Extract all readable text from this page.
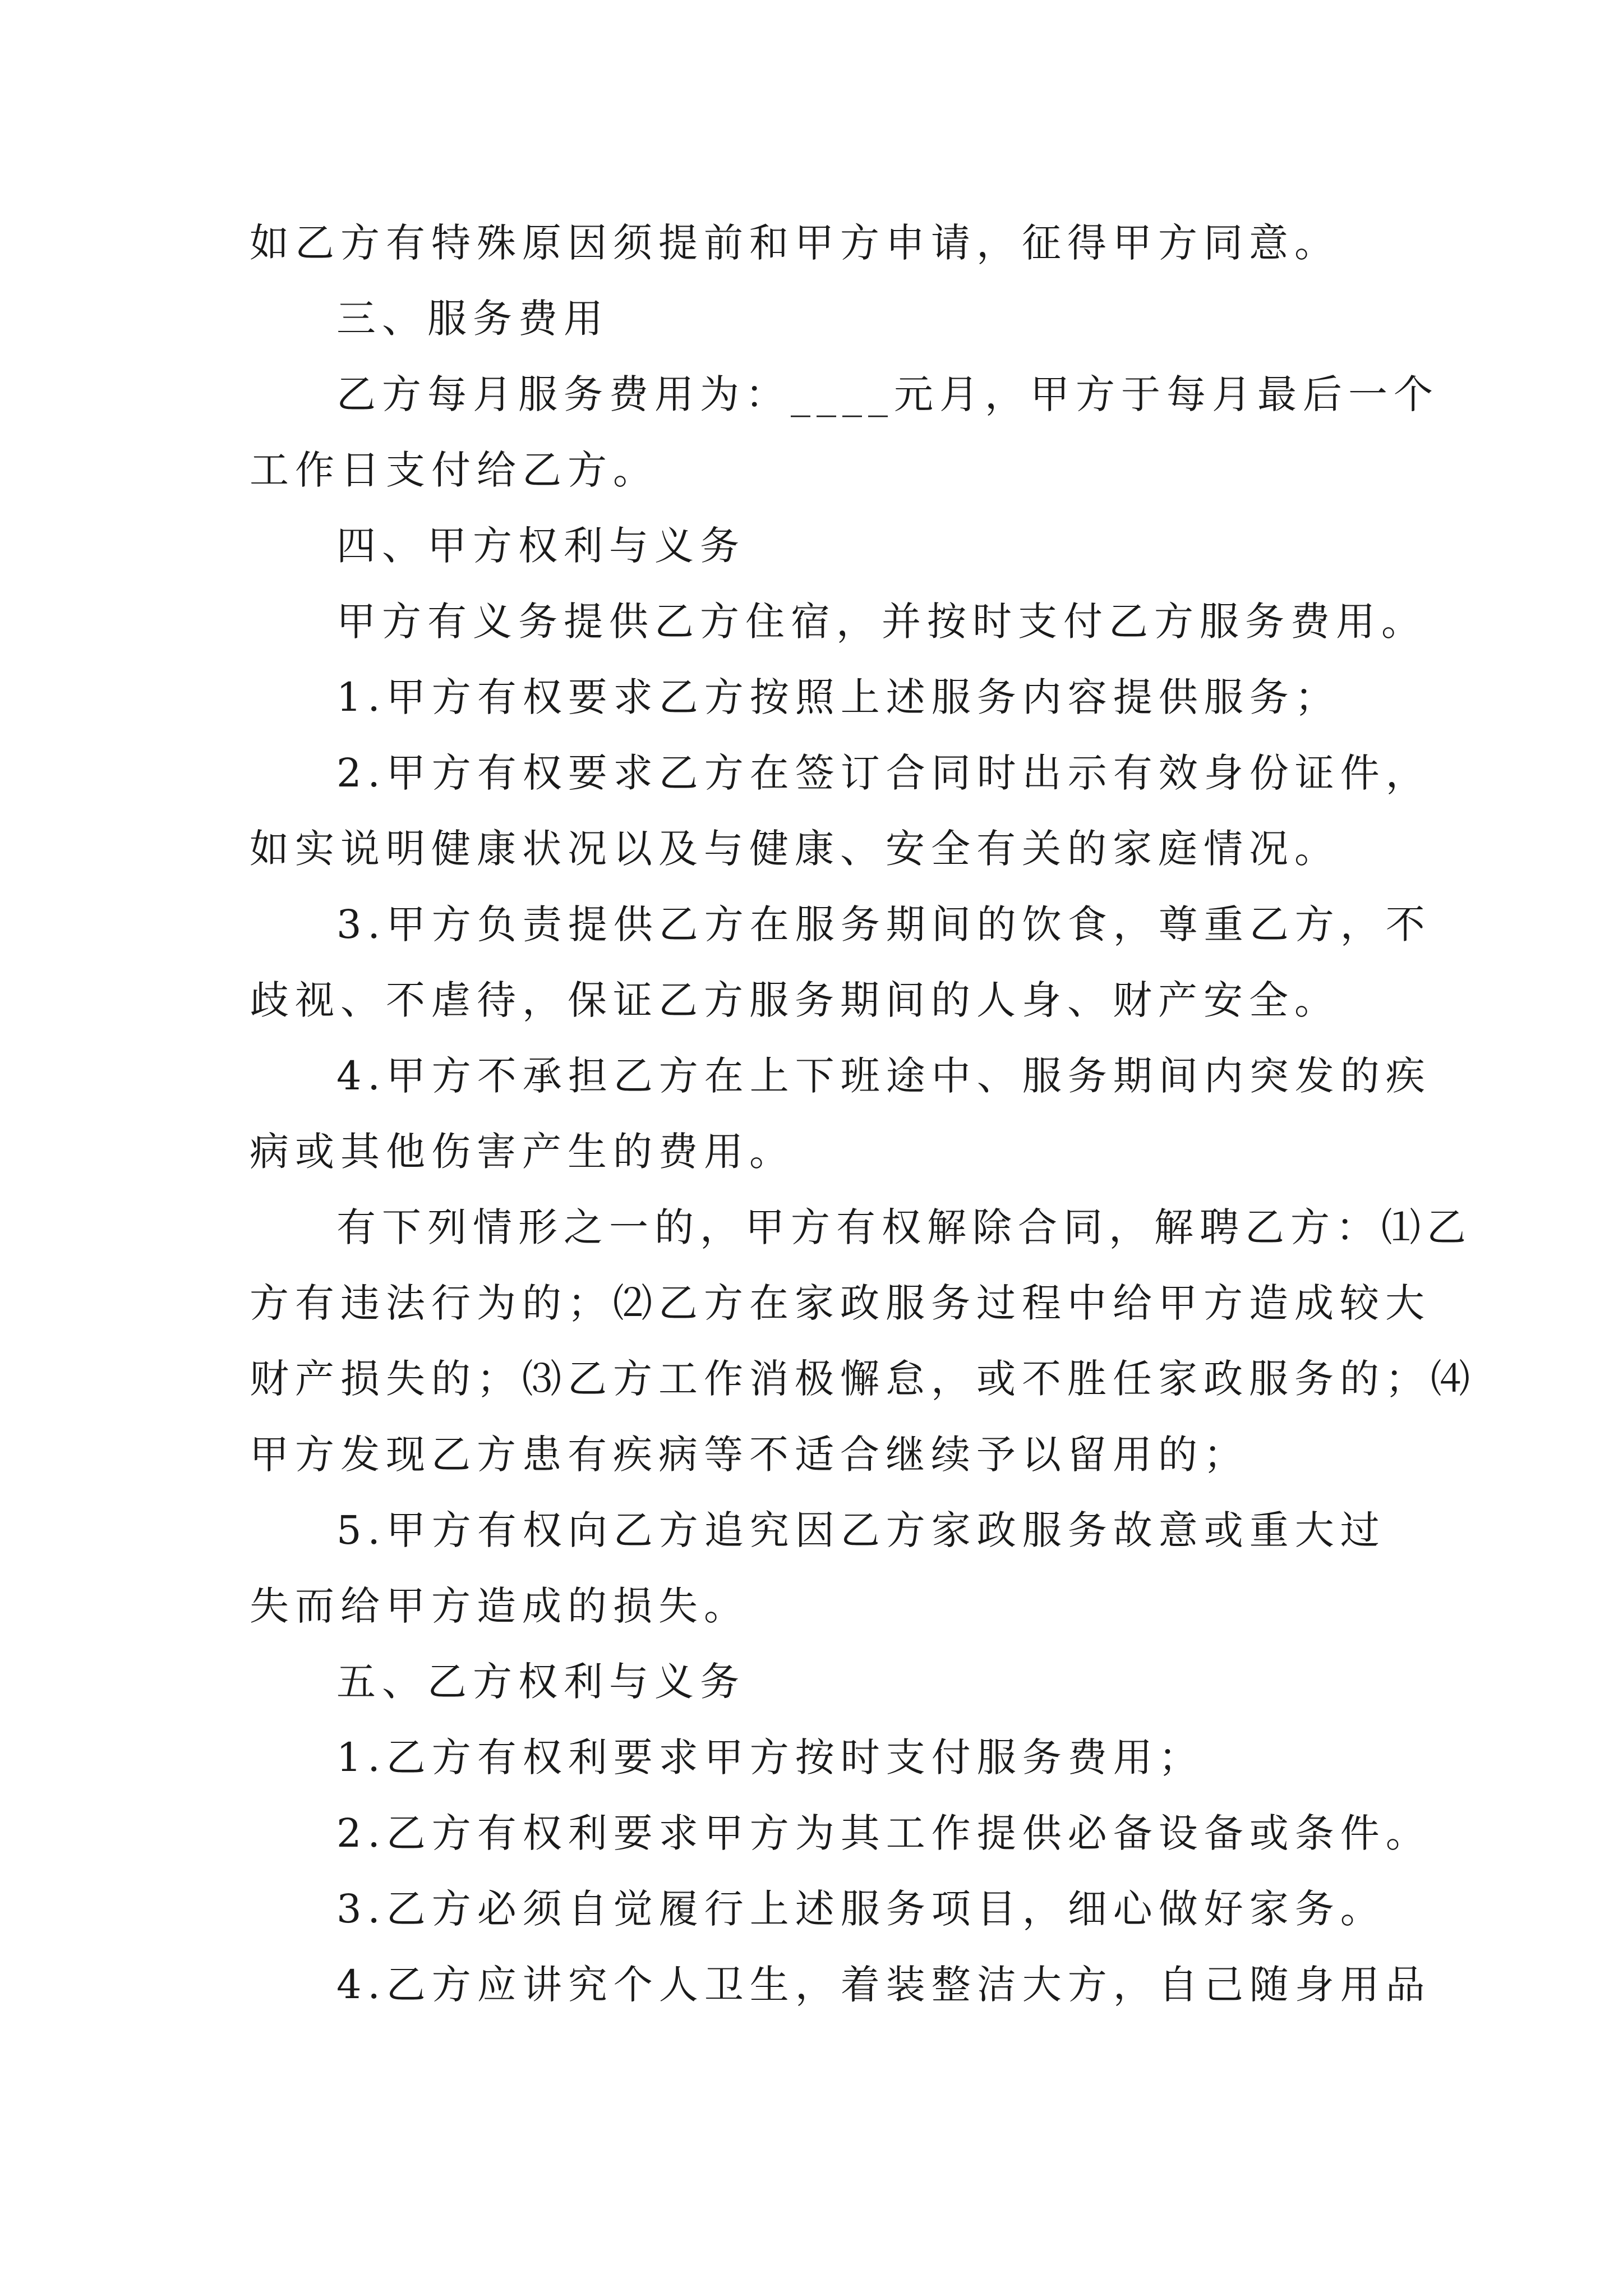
如乙方有特殊原因须提前和甲方申请，征得甲方同意。
三、服务费用
乙方每月服务费用为：____元月，甲方于每月最后一个
工作日支付给乙方。
四、甲方权利与义务
甲方有义务提供乙方住宿，并按时支付乙方服务费用。
1.甲方有权要求乙方按照上述服务内容提供服务；
2.甲方有权要求乙方在签订合同时出示有效身份证件，
如实说明健康状况以及与健康、安全有关的家庭情况。
3.甲方负责提供乙方在服务期间的饮食，尊重乙方，不
歧视、不虐待，保证乙方服务期间的人身、财产安全。
4.甲方不承担乙方在上下班途中、服务期间内突发的疾
病或其他伤害产生的费用。
有下列情形之一的，甲方有权解除合同，解聘乙方：⑴乙
方有违法行为的；⑵乙方在家政服务过程中给甲方造成较大
财产损失的；⑶乙方工作消极懈怠，或不胜任家政服务的；⑷
甲方发现乙方患有疾病等不适合继续予以留用的；
5.甲方有权向乙方追究因乙方家政服务故意或重大过
失而给甲方造成的损失。
五、乙方权利与义务
1.乙方有权利要求甲方按时支付服务费用；
2.乙方有权利要求甲方为其工作提供必备设备或条件。
3.乙方必须自觉履行上述服务项目，细心做好家务。
4.乙方应讲究个人卫生，着装整洁大方，自己随身用品
